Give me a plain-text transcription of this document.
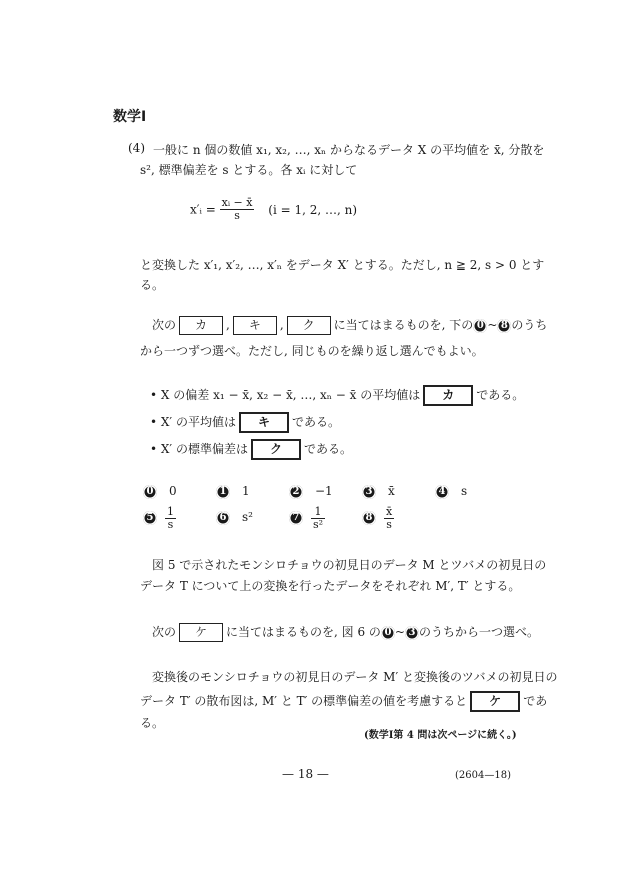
数学Ⅰ
(4) 一般に n 個の数値 x₁, x₂, …, xₙ からなるデータ X の平均値を x̄, 分散を
s², 標準偏差を s とする。各 xᵢ に対して
x′ᵢ = $\frac{\text{xᵢ − x̄}}{s} (i = 1$, 2, …, n)
と変換した x′₁, x′₂, …, x′ₙ をデータ X′ とする。ただし, n ≧ 2, s > 0 とす
る。
次の カ , キ , ク に当てはまるものを, 下の 0 ~ 8 のうち
から一つずつ選べ。ただし, 同じものを繰り返し選んでもよい。
• X の偏差 x₁ − x̄, x₂ − x̄, …, xₙ − x̄ の平均値は カ である。
• X′ の平均値は キ である。
• X′ の標準偏差は ク である。
0 0	1 1	2 −1	3 x̄	4 s
$5 \frac{1}{s}$	6 s²	$7 \frac{1}{\text{s²}}$	$8 \frac{x̄}{s}$
図 5 で示されたモンシロチョウの初見日のデータ M とツバメの初見日の
データ T について上の変換を行ったデータをそれぞれ M′, T′ とする。
次の ケ に当てはまるものを, 図 6 の 0 ~ 3 のうちから一つ選べ。
変換後のモンシロチョウの初見日のデータ M′ と変換後のツバメの初見日の
データ T′ の散布図は, M′ と T′ の標準偏差の値を考慮すると ケ であ
る。
(数学Ⅰ第 4 問は次ページに続く。)
— 18 —	(2604—18)
